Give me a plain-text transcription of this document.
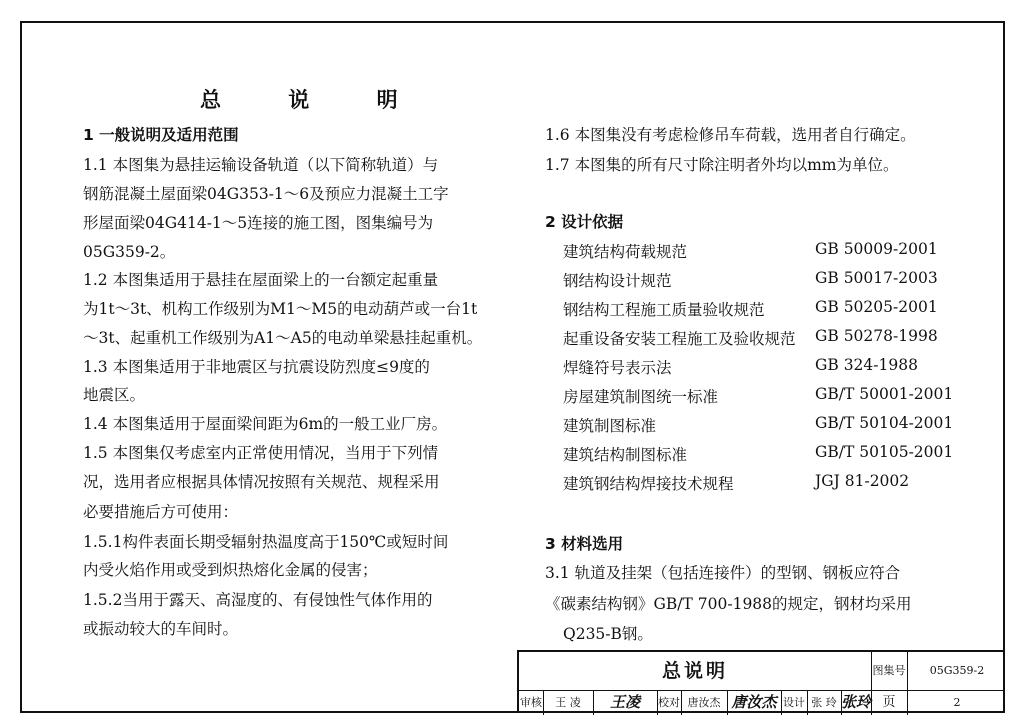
总 说 明
1 一般说明及适用范围
1.1 本图集为悬挂运输设备轨道（以下简称轨道）与
钢筋混凝土屋面梁04G353-1～6及预应力混凝土工字
形屋面梁04G414-1～5连接的施工图，图集编号为
05G359-2。
1.2 本图集适用于悬挂在屋面梁上的一台额定起重量
为1t～3t、机构工作级别为M1～M5的电动葫芦或一台1t
～3t、起重机工作级别为A1～A5的电动单梁悬挂起重机。
1.3 本图集适用于非地震区与抗震设防烈度≤9度的
地震区。
1.4 本图集适用于屋面梁间距为6m的一般工业厂房。
1.5 本图集仅考虑室内正常使用情况，当用于下列情
况，选用者应根据具体情况按照有关规范、规程采用
必要措施后方可使用：
1.5.1构件表面长期受辐射热温度高于150℃或短时间
内受火焰作用或受到炽热熔化金属的侵害；
1.5.2当用于露天、高湿度的、有侵蚀性气体作用的
或振动较大的车间时。
1.6 本图集没有考虑检修吊车荷载，选用者自行确定。
1.7 本图集的所有尺寸除注明者外均以mm为单位。
2 设计依据
建筑结构荷载规范	GB 50009-2001
钢结构设计规范	GB 50017-2003
钢结构工程施工质量验收规范	GB 50205-2001
起重设备安装工程施工及验收规范 GB 50278-1998
焊缝符号表示法	GB 324-1988
房屋建筑制图统一标准	GB/T 50001-2001
建筑制图标准	GB/T 50104-2001
建筑结构制图标准	GB/T 50105-2001
建筑钢结构焊接技术规程	JGJ 81-2002
3 材料选用
3.1 轨道及挂架（包括连接件）的型钢、钢板应符合
《碳素结构钢》GB/T 700-1988的规定，钢材均采用
Q235-B钢。
总说明	图集号	05G359-2
审核	王 凌	王凌	校对 唐汝杰 唐汝杰 设计 张 玲 张玲 页	2
